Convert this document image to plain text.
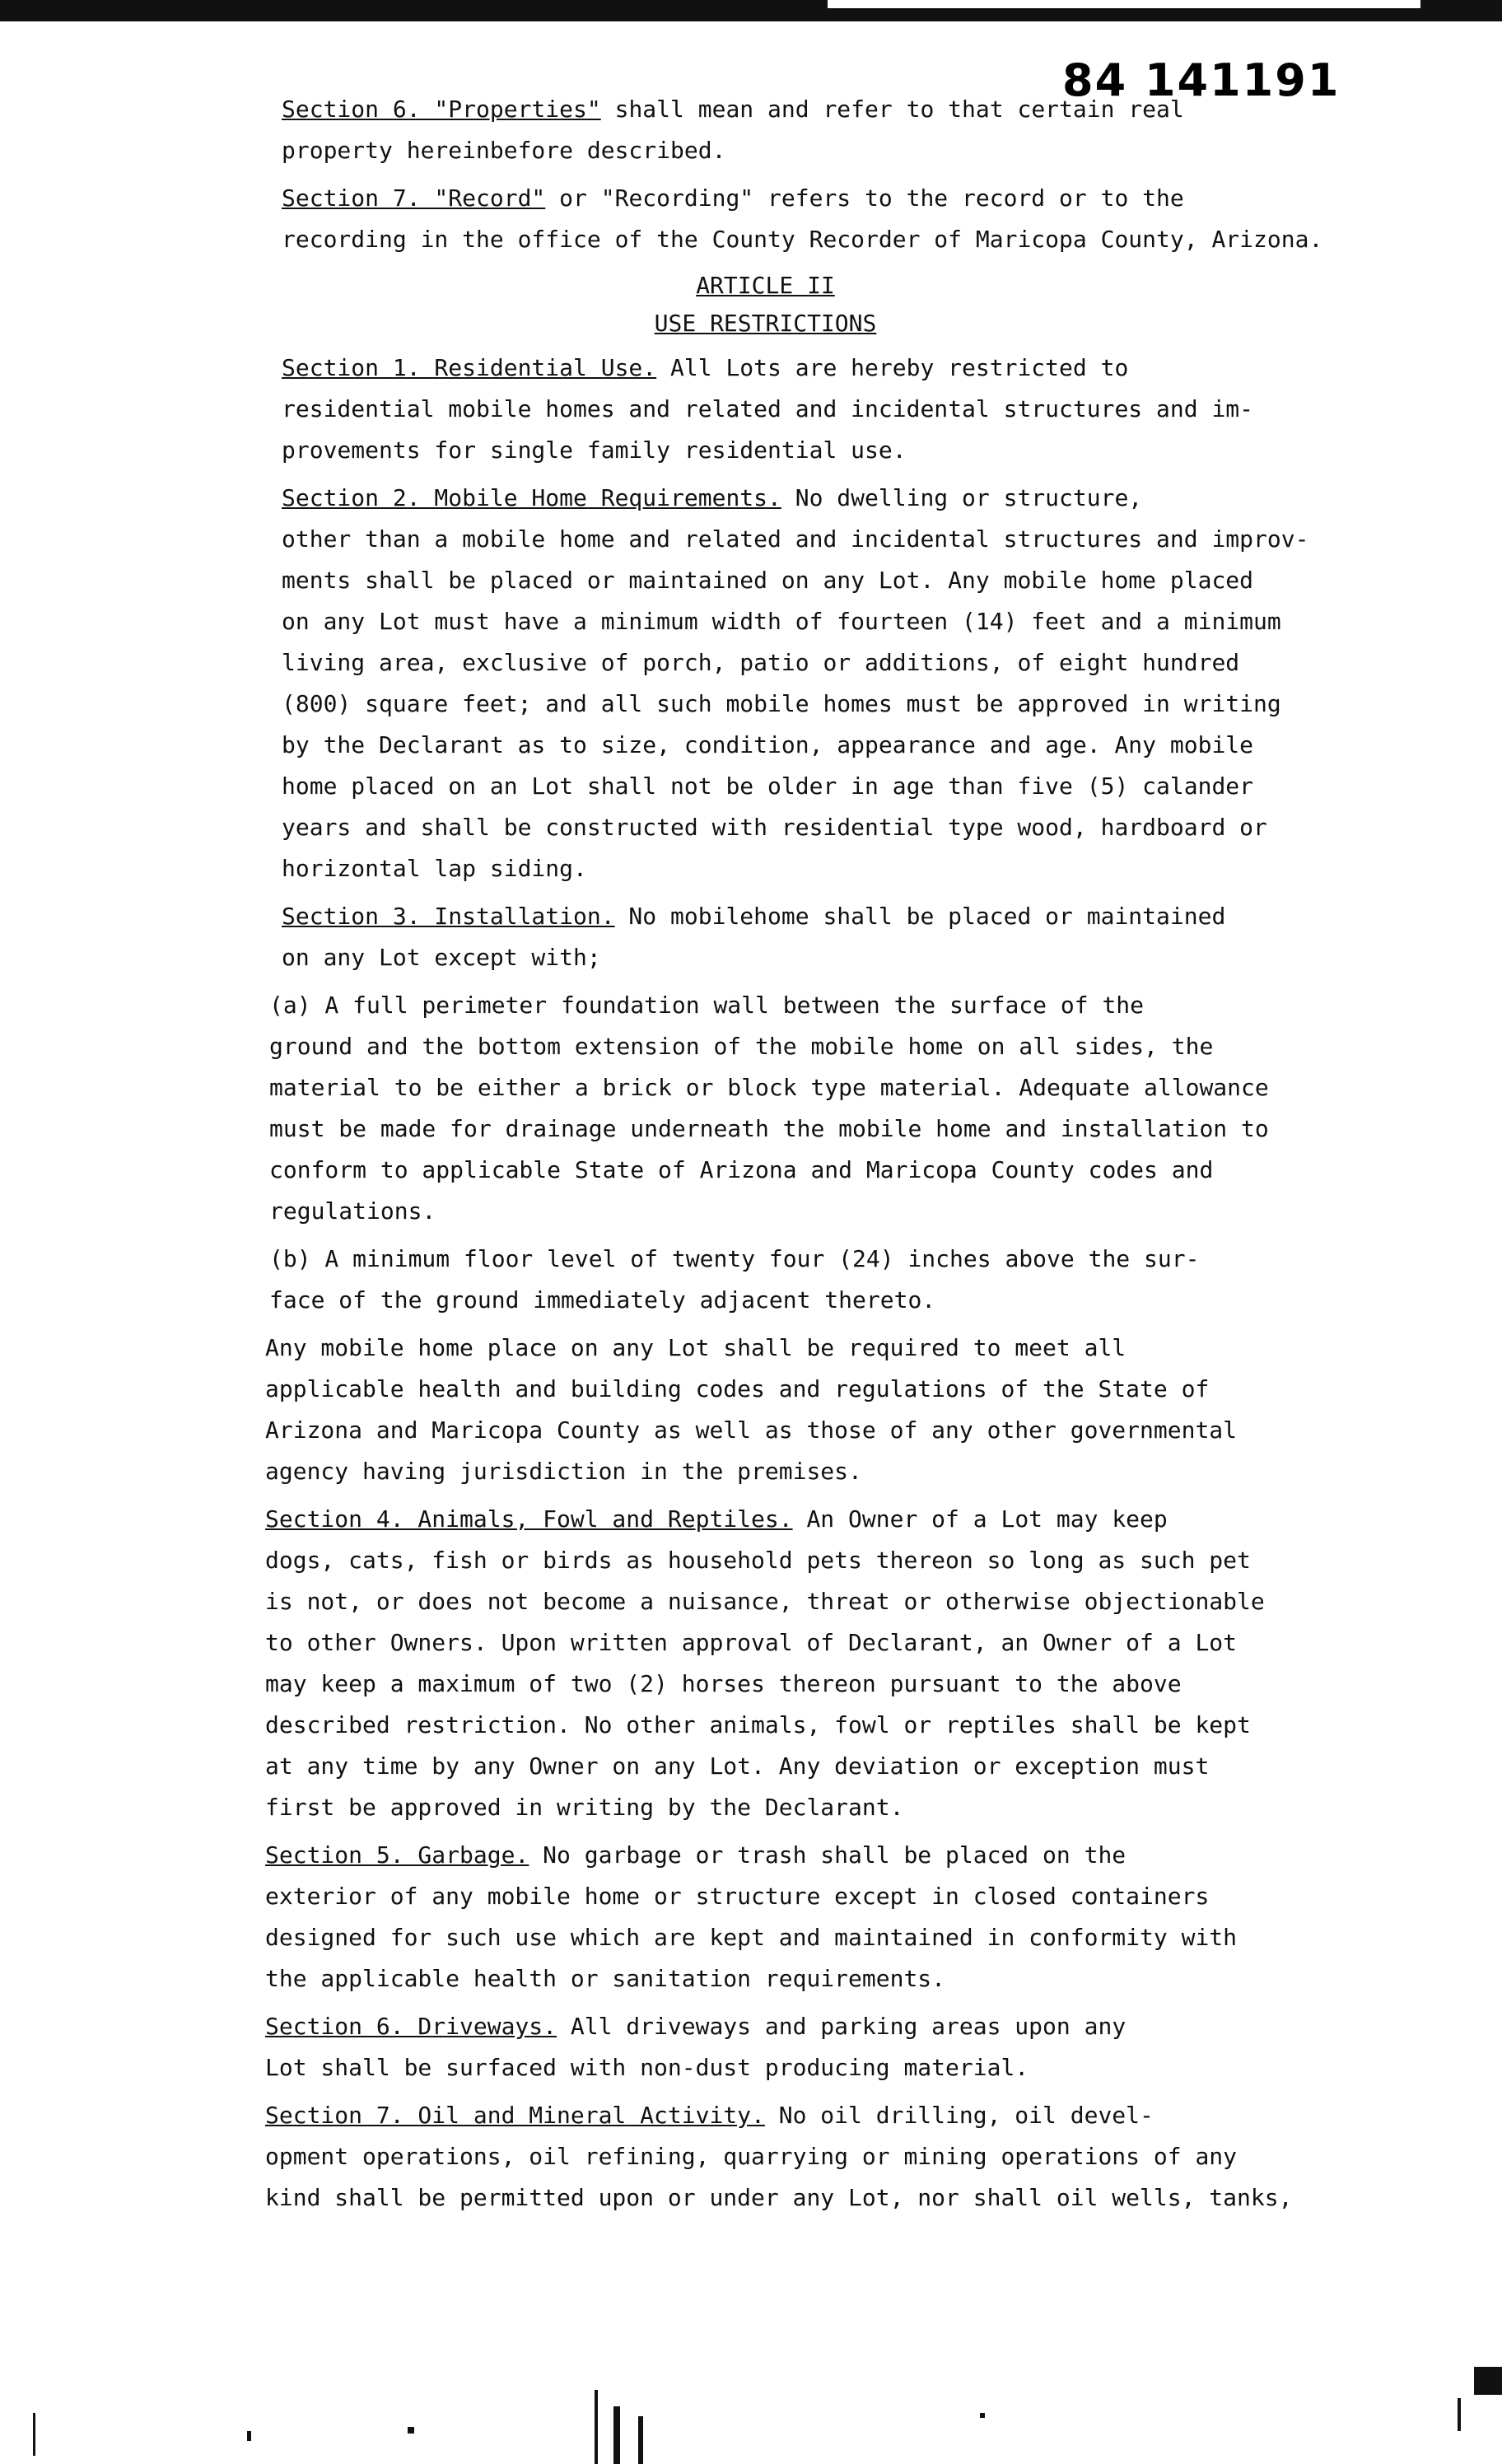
84 141191
Section 6. "Properties" shall mean and refer to that certain real
property hereinbefore described.
Section 7. "Record" or "Recording" refers to the record or to the
recording in the office of the County Recorder of Maricopa County, Arizona.
ARTICLE II
USE RESTRICTIONS
Section 1. Residential Use. All Lots are hereby restricted to
residential mobile homes and related and incidental structures and im-
provements for single family residential use.
Section 2. Mobile Home Requirements. No dwelling or structure,
other than a mobile home and related and incidental structures and improv-
ments shall be placed or maintained on any Lot. Any mobile home placed
on any Lot must have a minimum width of fourteen (14) feet and a minimum
living area, exclusive of porch, patio or additions, of eight hundred
(800) square feet; and all such mobile homes must be approved in writing
by the Declarant as to size, condition, appearance and age. Any mobile
home placed on an Lot shall not be older in age than five (5) calander
years and shall be constructed with residential type wood, hardboard or
horizontal lap siding.
Section 3. Installation. No mobilehome shall be placed or maintained
on any Lot except with;
(a) A full perimeter foundation wall between the surface of the
ground and the bottom extension of the mobile home on all sides, the
material to be either a brick or block type material. Adequate allowance
must be made for drainage underneath the mobile home and installation to
conform to applicable State of Arizona and Maricopa County codes and
regulations.
(b) A minimum floor level of twenty four (24) inches above the sur-
face of the ground immediately adjacent thereto.
Any mobile home place on any Lot shall be required to meet all
applicable health and building codes and regulations of the State of
Arizona and Maricopa County as well as those of any other governmental
agency having jurisdiction in the premises.
Section 4. Animals, Fowl and Reptiles. An Owner of a Lot may keep
dogs, cats, fish or birds as household pets thereon so long as such pet
is not, or does not become a nuisance, threat or otherwise objectionable
to other Owners. Upon written approval of Declarant, an Owner of a Lot
may keep a maximum of two (2) horses thereon pursuant to the above
described restriction. No other animals, fowl or reptiles shall be kept
at any time by any Owner on any Lot. Any deviation or exception must
first be approved in writing by the Declarant.
Section 5. Garbage. No garbage or trash shall be placed on the
exterior of any mobile home or structure except in closed containers
designed for such use which are kept and maintained in conformity with
the applicable health or sanitation requirements.
Section 6. Driveways. All driveways and parking areas upon any
Lot shall be surfaced with non-dust producing material.
Section 7. Oil and Mineral Activity. No oil drilling, oil devel-
opment operations, oil refining, quarrying or mining operations of any
kind shall be permitted upon or under any Lot, nor shall oil wells, tanks,
